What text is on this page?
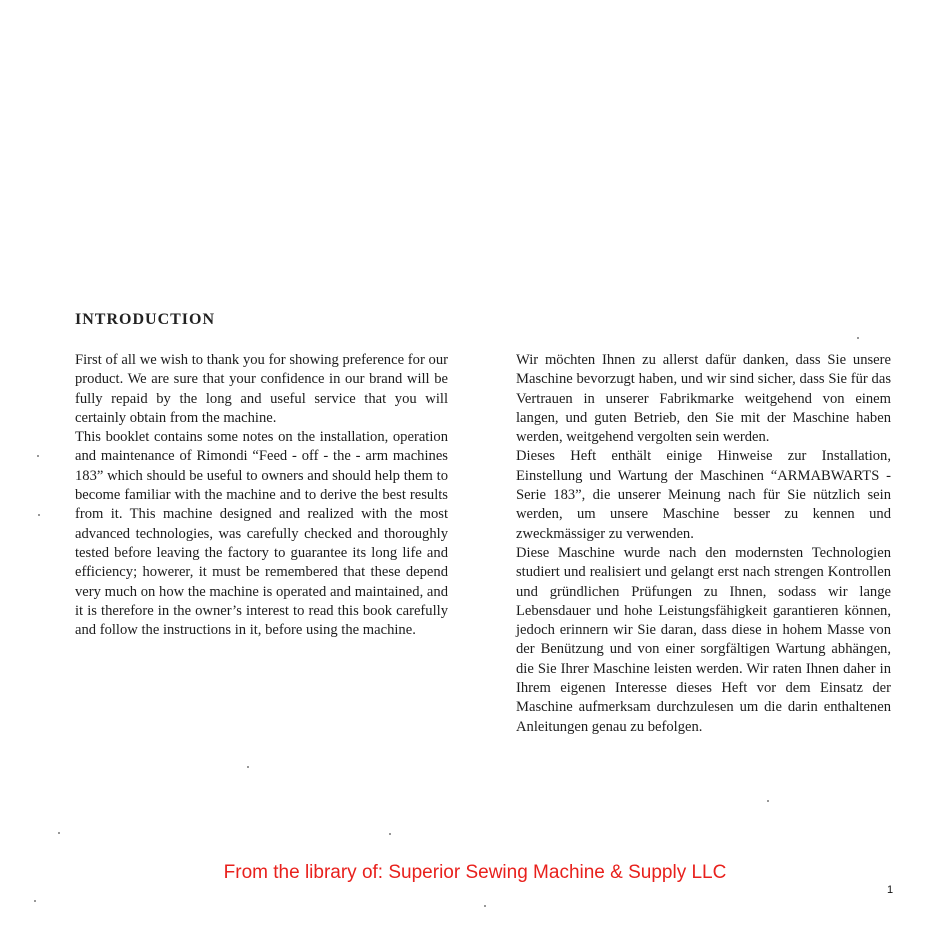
INTRODUCTION

First of all we wish to thank you for showing preference for our product. We are sure that your confidence in our brand will be fully repaid by the long and useful service that you will certainly obtain from the machine.

This booklet contains some notes on the installation, operation and maintenance of Rimondi “Feed - off - the - arm machines 183” which should be useful to owners and should help them to become familiar with the machine and to derive the best results from it. This machine designed and realized with the most advanced technologies, was carefully checked and thoroughly tested before leaving the factory to guarantee its long life and efficiency; howerer, it must be remembered that these depend very much on how the machine is operated and maintained, and it is therefore in the owner’s interest to read this book carefully and follow the instructions in it, before using the machine.

Wir möchten Ihnen zu allerst dafür danken, dass Sie unsere Maschine bevorzugt haben, und wir sind sicher, dass Sie für das Vertrauen in unserer Fabrikmarke weitgehend von einem langen, und guten Betrieb, den Sie mit der Maschine haben werden, weitgehend vergolten sein werden.

Dieses Heft enthält einige Hinweise zur Installation, Einstellung und Wartung der Maschinen “ARMABWARTS - Serie 183”, die unserer Meinung nach für Sie nützlich sein werden, um unsere Maschine besser zu kennen und zweckmässiger zu verwenden.

Diese Maschine wurde nach den modernsten Technologien studiert und realisiert und gelangt erst nach strengen Kontrollen und gründlichen Prüfungen zu Ihnen, sodass wir lange Lebensdauer und hohe Leistungsfähigkeit garantieren können, jedoch erinnern wir Sie daran, dass diese in hohem Masse von der Benützung und von einer sorgfältigen Wartung abhängen, die Sie Ihrer Maschine leisten werden. Wir raten Ihnen daher in Ihrem eigenen Interesse dieses Heft vor dem Einsatz der Maschine aufmerksam durchzulesen um die darin enthaltenen Anleitungen genau zu befolgen.

From the library of: Superior Sewing Machine & Supply LLC
1
